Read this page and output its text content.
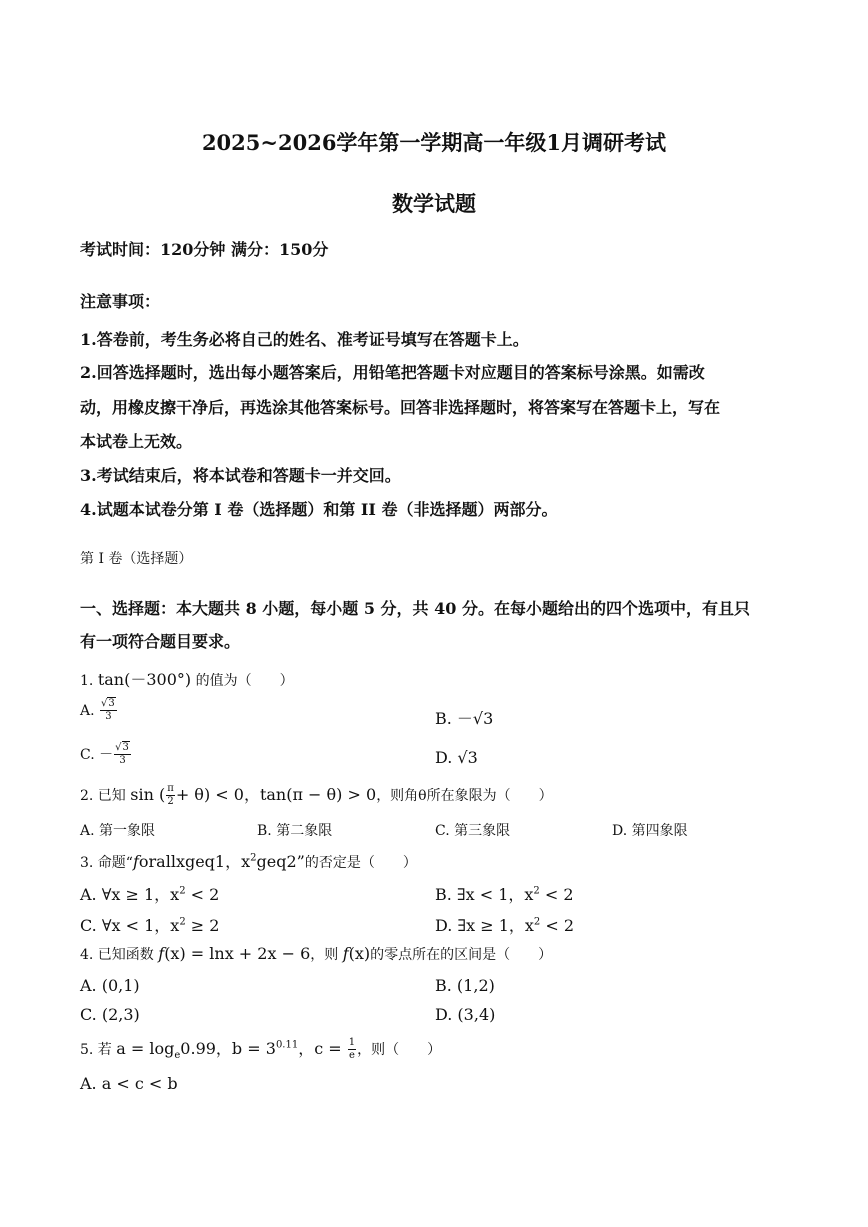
2025~2026学年第一学期高一年级1月调研考试
数学试题
考试时间：120分钟 满分：150分
注意事项：
1.答卷前，考生务必将自己的姓名、准考证号填写在答题卡上。
2.回答选择题时，选出每小题答案后，用铅笔把答题卡对应题目的答案标号涂黑。如需改
动，用橡皮擦干净后，再选涂其他答案标号。回答非选择题时，将答案写在答题卡上，写在
本试卷上无效。
3.考试结束后，将本试卷和答题卡一并交回。
4.试题本试卷分第 I 卷（选择题）和第 II 卷（非选择题）两部分。
第 I 卷（选择题）
一、选择题：本大题共 8 小题，每小题 5 分，共 40 分。在每小题给出的四个选项中，有且只
有一项符合题目要求。
1. tan(－300°) 的值为（　　）
A. $\frac{√3}{3}$	B. －√3
C. － $\frac{√3}{3}$	D. √3
2. 已知 sin ( $\frac{\pi}{2} + \theta) < 0$，tan(π − θ) > 0，则角θ所在象限为（　　）
A. 第一象限	B. 第二象限	C. 第三象限	D. 第四象限
3. 命题“forallxgeq1，$x^2geq2$”的否定是（　　）
A. ∀x ≥ 1，$x^2 < 2$	B. ∃x < 1，$x^2 < 2$
C. ∀x < 1，$x^2 \ge 2$	D. ∃x ≥ 1，$x^2 < 2$
4. 已知函数 f(x) = lnx + 2x − 6，则 f(x)的零点所在的区间是（　　）
A. (0,1)	B. (1,2)
C. (2,3)	D. (3,4)
5. 若 $a = \log_e0.99$，$b = 3^{0.11}$，$c = \frac{1}{e}$ ，则（　　）
A. a < c < b
